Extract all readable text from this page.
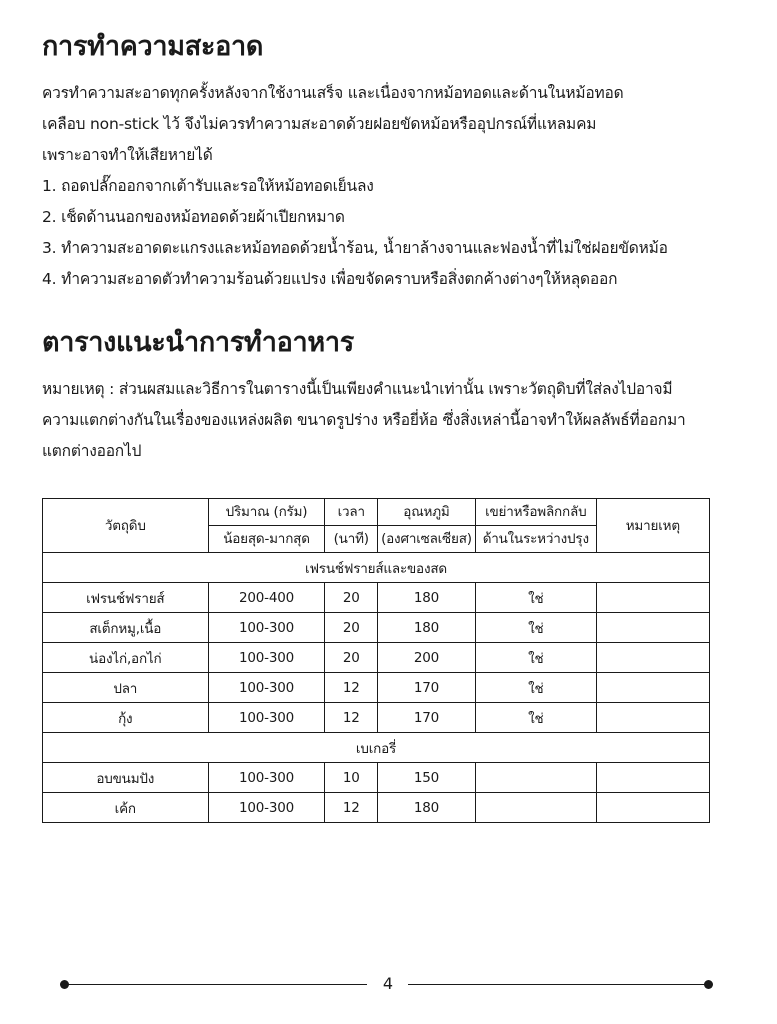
การทำความสะอาด
ควรทำความสะอาดทุกครั้งหลังจากใช้งานเสร็จ และเนื่องจากหม้อทอดและด้านในหม้อทอด
เคลือบ non-stick ไว้ จึงไม่ควรทำความสะอาดด้วยฝอยขัดหม้อหรืออุปกรณ์ที่แหลมคม
เพราะอาจทำให้เสียหายได้
1. ถอดปลั๊กออกจากเต้ารับและรอให้หม้อทอดเย็นลง
2. เช็ดด้านนอกของหม้อทอดด้วยผ้าเปียกหมาด
3. ทำความสะอาดตะแกรงและหม้อทอดด้วยน้ำร้อน, น้ำยาล้างจานและฟองน้ำที่ไม่ใช่ฝอยขัดหม้อ
4. ทำความสะอาดตัวทำความร้อนด้วยแปรง เพื่อขจัดคราบหรือสิ่งตกค้างต่างๆให้หลุดออก
ตารางแนะนำการทำอาหาร
หมายเหตุ : ส่วนผสมและวิธีการในตารางนี้เป็นเพียงคำแนะนำเท่านั้น เพราะวัตถุดิบที่ใส่ลงไปอาจมี
ความแตกต่างกันในเรื่องของแหล่งผลิต ขนาดรูปร่าง หรือยี่ห้อ ซึ่งสิ่งเหล่านี้อาจทำให้ผลลัพธ์ที่ออกมา
แตกต่างออกไป
วัตถุดิบ	ปริมาณ (กรัม)	เวลา	อุณหภูมิ	เขย่าหรือพลิกกลับ	หมายเหตุ
	น้อยสุด-มากสุด	(นาที)	(องศาเซลเซียส)	ด้านในระหว่างปรุง	
เฟรนช์ฟรายส์และของสด					
เฟรนช์ฟรายส์	200-400	20	180	ใช่	
สเต็กหมู,เนื้อ	100-300	20	180	ใช่	
น่องไก่,อกไก่	100-300	20	200	ใช่	
ปลา	100-300	12	170	ใช่	
กุ้ง	100-300	12	170	ใช่	
เบเกอรี่					
อบขนมปัง	100-300	10	150		
เค้ก	100-300	12	180		
4
